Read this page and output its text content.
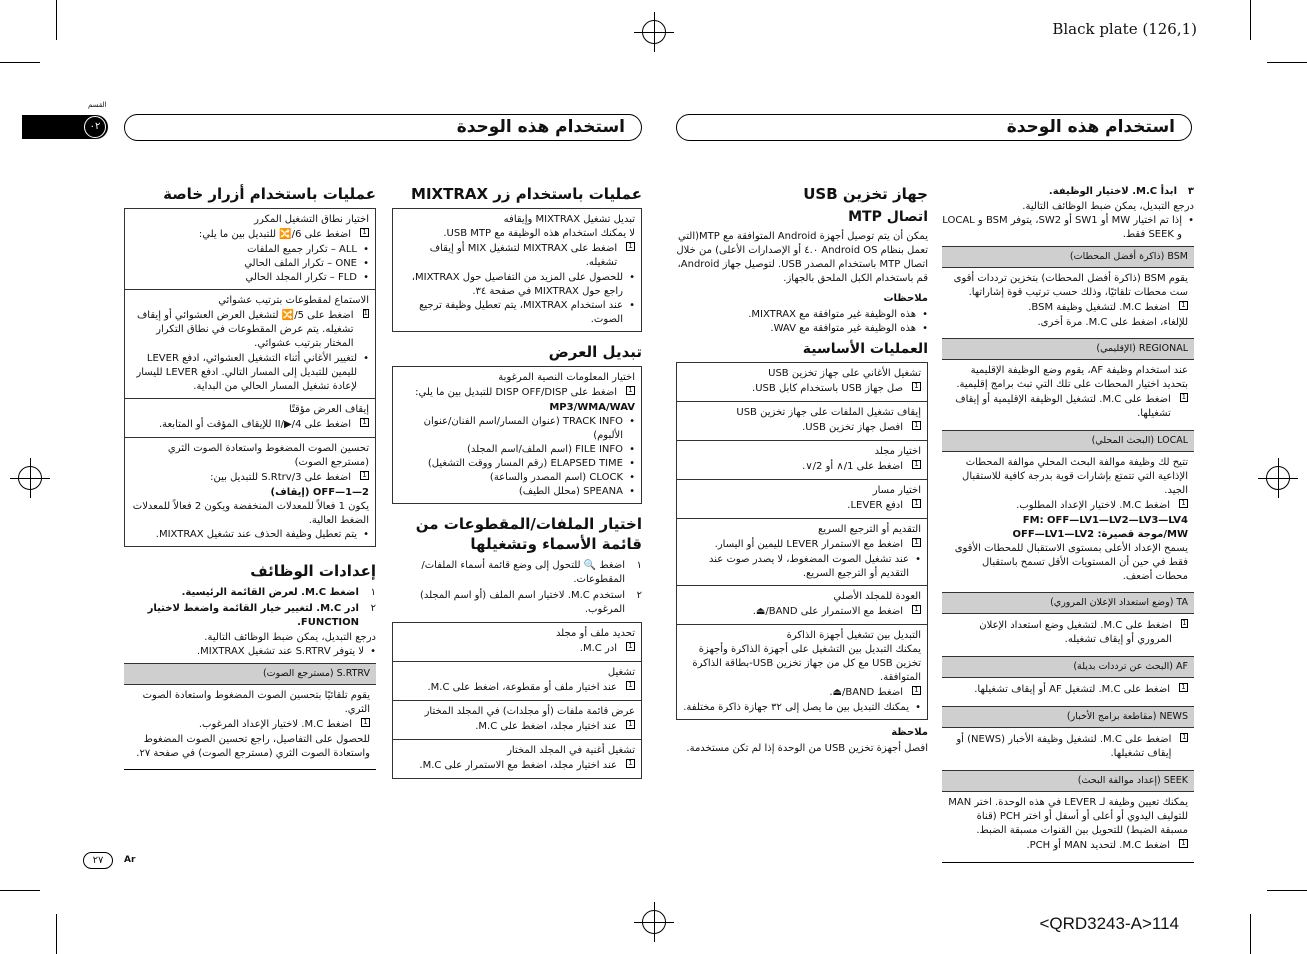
Black plate (126,1)
<QRD3243-A>114
القسم
٠٢	استخدام هذه الوحدة	استخدام هذه الوحدة
٢٧	Ar
٣
ابدأ M.C. لاختيار الوظيفة.
درجع التبديل، يمكن ضبط الوظائف التالية.
• إذا تم اختيار MW أو SW1 أو SW2، يتوفر BSM و LOCAL و SEEK فقط.
BSM (ذاكرة أفضل المحطات)
يقوم BSM (ذاكرة أفضل المحطات) بتخزين ترددات أقوى ست محطات تلقائيًا، وذلك حسب ترتيب قوة إشاراتها.
1
اضغط M.C. لتشغيل وظيفة BSM.
للإلغاء، اضغط على M.C. مرة أخرى.
REGIONAL (الإقليمي)
عند استخدام وظيفة AF، يقوم وضع الوظيفة الإقليمية بتحديد اختيار المحطات على تلك التي تبث برامج إقليمية.
1
اضغط على M.C. لتشغيل الوظيفة الإقليمية أو إيقاف تشغيلها.
LOCAL (البحث المحلي)
تتيح لك وظيفة موالفة البحث المحلي موالفة المحطات الإذاعية التي تتمتع بإشارات قوية بدرجة كافية للاستقبال الجيد.
1
اضغط M.C. لاختيار الإعداد المطلوب.
FM: OFF—LV1—LV2—LV3—LV4
MW/موجة قصيرة: OFF—LV1—LV2
يسمح الإعداد الأعلى بمستوى الاستقبال للمحطات الأقوى فقط في حين أن المستويات الأقل تسمح باستقبال محطات أضعف.
TA (وضع استعداد الإعلان المروري)
1
اضغط على M.C. لتشغيل وضع استعداد الإعلان المروري أو إيقاف تشغيله.
AF (البحث عن ترددات بديلة)
1
اضغط على M.C. لتشغيل AF أو إيقاف تشغيلها.
NEWS (مقاطعة برامج الأخبار)
1
اضغط على M.C. لتشغيل وظيفة الأخبار (NEWS) أو إيقاف تشغيلها.
SEEK (إعداد موالفة البحث)
يمكنك تعيين وظيفة لـ LEVER في هذه الوحدة. اختر MAN للتوليف اليدوي أو أعلى أو أسفل أو اختر PCH (قناة مسبقة الضبط) للتحويل بين القنوات مسبقة الضبط.
1
اضغط M.C. لتحديد MAN أو PCH.
جهاز تخزين USB
اتصال MTP
يمكن أن يتم توصيل أجهزة Android المتوافقة مع MTP(التي تعمل بنظام Android OS ٤.٠ أو الإصدارات الأعلى) من خلال اتصال MTP باستخدام المصدر USB. لتوصيل جهاز Android، قم باستخدام الكبل الملحق بالجهاز.
ملاحظات
• هذه الوظيفة غير متوافقة مع MIXTRAX.
• هذه الوظيفة غير متوافقة مع WAV.
العمليات الأساسية
تشغيل الأغاني على جهاز تخزين USB
1
صل جهاز USB باستخدام كابل USB.
إيقاف تشغيل الملفات على جهاز تخزين USB
1
افصل جهاز تخزين USB.
اختيار مجلد
1
اضغط على 1/∧ أو 2/∨.
اختيار مسار
1
ادفع LEVER.
التقديم أو الترجيع السريع
1
اضغط مع الاستمرار LEVER لليمين أو اليسار.
• عند تشغيل الصوت المضغوط، لا يصدر صوت عند التقديم أو الترجيع السريع.
العودة للمجلد الأصلي
1
اضغط مع الاستمرار على BAND/⏏.
التبديل بين تشغيل أجهزة الذاكرة
يمكنك التبديل بين التشغيل على أجهزة الذاكرة وأجهزة تخزين USB مع كل من جهاز تخزين USB-بطاقة الذاكرة المتوافقة.
1
اضغط BAND/⏏.
• يمكنك التبديل بين ما يصل إلى ٣٢ جهازة ذاكرة مختلفة.
ملاحظة
افصل أجهزة تخزين USB من الوحدة إذا لم تكن مستخدمة.
عمليات باستخدام زر MIXTRAX
تبديل تشغيل MIXTRAX وإيقافه
لا يمكنك استخدام هذه الوظيفة مع USB MTP.
1
اضغط على MIXTRAX لتشغيل MIX أو إيقاف تشغيله.
• للحصول على المزيد من التفاصيل حول MIXTRAX، راجع حول MIXTRAX في صفحة ٣٤.
• عند استخدام MIXTRAX، يتم تعطيل وظيفة ترجيع الصوت.
تبديل العرض
اختيار المعلومات النصية المرغوبة
1
اضغط على DISP OFF/DISP للتبديل بين ما يلي:
MP3/WMA/WAV
• TRACK INFO (عنوان المسار/اسم الفنان/عنوان الألبوم)
• FILE INFO (اسم الملف/اسم المجلد)
• ELAPSED TIME (رقم المسار ووقت التشغيل)
• CLOCK (اسم المصدر والساعة)
• SPEANA (محلل الطيف)
اختيار الملفات/المقطوعات من قائمة الأسماء وتشغيلها
١
اضغط 🔍 للتحول إلى وضع قائمة أسماء الملفات/المقطوعات.
٢
استخدم M.C. لاختيار اسم الملف (أو اسم المجلد) المرغوب.
تحديد ملف أو مجلد
1
ادر M.C.
تشغيل
1
عند اختيار ملف أو مقطوعة، اضغط على M.C.
عرض قائمة ملفات (أو مجلدات) في المجلد المختار
1
عند اختيار مجلد، اضغط على M.C.
تشغيل أغنية في المجلد المختار
1
عند اختيار مجلد، اضغط مع الاستمرار على M.C.
عمليات باستخدام أزرار خاصة
اختيار نطاق التشغيل المكرر
1
اضغط على 6/🔀 للتبديل بين ما يلي:
• ALL – تكرار جميع الملفات
• ONE – تكرار الملف الحالي
• FLD – تكرار المجلد الحالي
الاستماع لمقطوعات بترتيب عشوائي
1
اضغط على 5/🔀 لتشغيل العرض العشوائي أو إيقاف تشغيله. يتم عرض المقطوعات في نطاق التكرار المختار بترتيب عشوائي.
• لتغيير الأغاني أثناء التشغيل العشوائي، ادفع LEVER لليمين للتبديل إلى المسار التالي. ادفع LEVER لليسار لإعادة تشغيل المسار الحالي من البداية.
إيقاف العرض مؤقتًا
1
اضغط على 4/▶/II للإيقاف المؤقت أو المتابعة.
تحسين الصوت المضغوط واستعادة الصوت الثري (مسترجع الصوت)
1
اضغط على 3/S.Rtrv للتبديل بين:
OFF—1—2 (إيقاف)
يكون 1 فعالاً للمعدلات المنخفضة ويكون 2 فعالاً للمعدلات الضغط العالية.
• يتم تعطيل وظيفة الحذف عند تشغيل MIXTRAX.
إعدادات الوظائف
١
اضغط M.C. لعرض القائمة الرئيسية.
٢
ادر M.C. لتغيير خيار القائمة واضغط لاختيار FUNCTION.
درجع التبديل، يمكن ضبط الوظائف التالية.
• لا يتوفر S.RTRV عند تشغيل MIXTRAX.
S.RTRV (مسترجع الصوت)
يقوم تلقائيًا بتحسين الصوت المضغوط واستعادة الصوت الثري.
1
اضغط M.C. لاختيار الإعداد المرغوب.
للحصول على التفاصيل، راجع تحسين الصوت المضغوط واستعادة الصوت الثري (مسترجع الصوت) في صفحة ٢٧.
